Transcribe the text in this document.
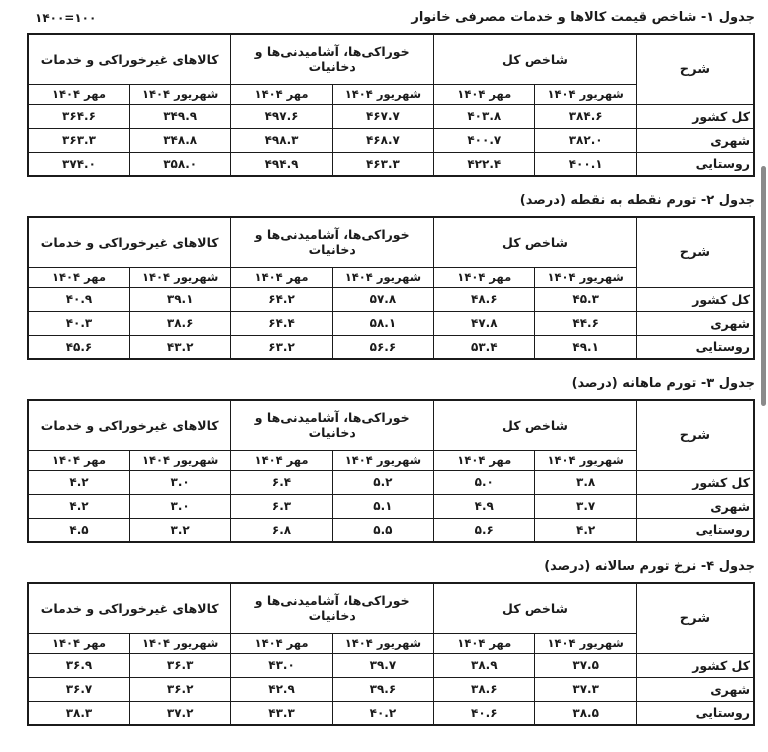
جدول ۱- شاخص قیمت کالاها و خدمات مصرفی خانوار
۱۴۰۰=۱۰۰
شرح	شاخص کل		خوراکی‌ها، آشامیدنی‌ها و دخانیات		کالاهای غیرخوراکی و خدمات	
	شهریور ۱۴۰۴	مهر ۱۴۰۴	شهریور ۱۴۰۴	مهر ۱۴۰۴	شهریور ۱۴۰۴	مهر ۱۴۰۴
کل کشور	۳۸۴.۶	۴۰۳.۸	۴۶۷.۷	۴۹۷.۶	۳۴۹.۹	۳۶۴.۶
شهری	۳۸۲.۰	۴۰۰.۷	۴۶۸.۷	۴۹۸.۳	۳۴۸.۸	۳۶۳.۳
روستایی	۴۰۰.۱	۴۲۲.۴	۴۶۳.۳	۴۹۴.۹	۳۵۸.۰	۳۷۴.۰
جدول ۲- تورم نقطه به نقطه (درصد)
شرح	شاخص کل		خوراکی‌ها، آشامیدنی‌ها و دخانیات		کالاهای غیرخوراکی و خدمات	
	شهریور ۱۴۰۴	مهر ۱۴۰۴	شهریور ۱۴۰۴	مهر ۱۴۰۴	شهریور ۱۴۰۴	مهر ۱۴۰۴
کل کشور	۴۵.۳	۴۸.۶	۵۷.۸	۶۴.۲	۳۹.۱	۴۰.۹
شهری	۴۴.۶	۴۷.۸	۵۸.۱	۶۴.۴	۳۸.۶	۴۰.۳
روستایی	۴۹.۱	۵۳.۴	۵۶.۶	۶۳.۲	۴۳.۲	۴۵.۶
جدول ۳- تورم ماهانه (درصد)
شرح	شاخص کل		خوراکی‌ها، آشامیدنی‌ها و دخانیات		کالاهای غیرخوراکی و خدمات	
	شهریور ۱۴۰۴	مهر ۱۴۰۴	شهریور ۱۴۰۴	مهر ۱۴۰۴	شهریور ۱۴۰۴	مهر ۱۴۰۴
کل کشور	۳.۸	۵.۰	۵.۲	۶.۴	۳.۰	۴.۲
شهری	۳.۷	۴.۹	۵.۱	۶.۳	۳.۰	۴.۲
روستایی	۴.۲	۵.۶	۵.۵	۶.۸	۳.۲	۴.۵
جدول ۴- نرخ تورم سالانه (درصد)
شرح	شاخص کل		خوراکی‌ها، آشامیدنی‌ها و دخانیات		کالاهای غیرخوراکی و خدمات	
	شهریور ۱۴۰۴	مهر ۱۴۰۴	شهریور ۱۴۰۴	مهر ۱۴۰۴	شهریور ۱۴۰۴	مهر ۱۴۰۴
کل کشور	۳۷.۵	۳۸.۹	۳۹.۷	۴۳.۰	۳۶.۳	۳۶.۹
شهری	۳۷.۳	۳۸.۶	۳۹.۶	۴۲.۹	۳۶.۲	۳۶.۷
روستایی	۳۸.۵	۴۰.۶	۴۰.۲	۴۳.۳	۳۷.۲	۳۸.۳
